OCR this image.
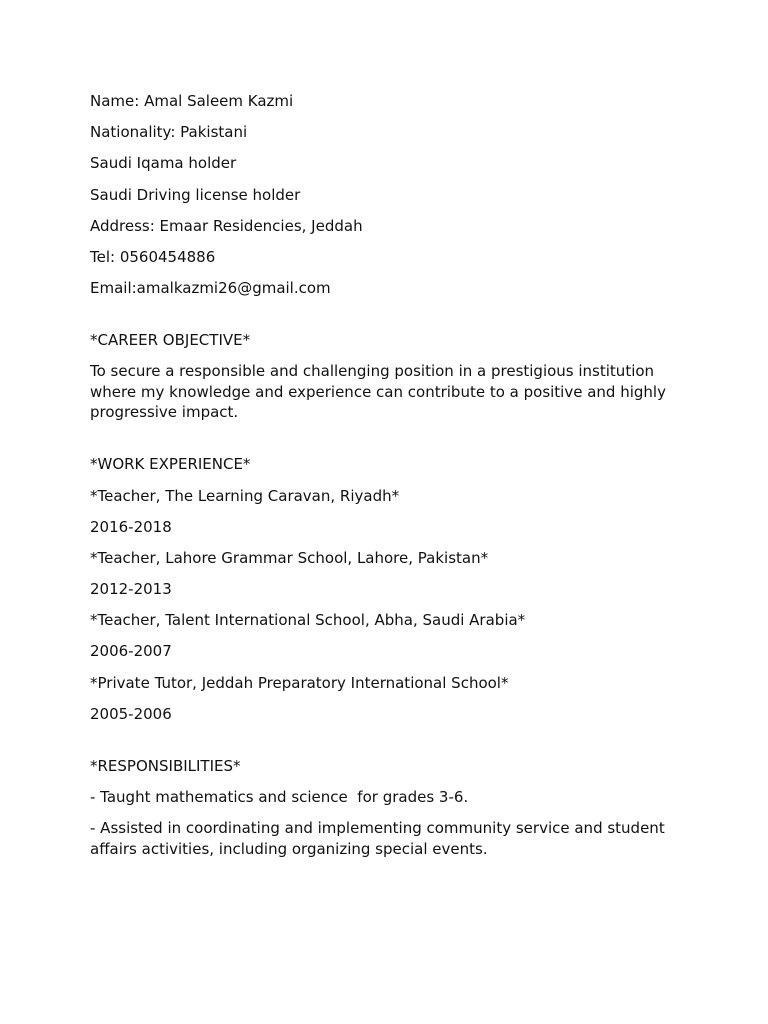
Name: Amal Saleem Kazmi

Nationality: Pakistani

Saudi Iqama holder

Saudi Driving license holder

Address: Emaar Residencies, Jeddah

Tel: 0560454886

Email:amalkazmi26@gmail.com

*CAREER OBJECTIVE*

To secure a responsible and challenging position in a prestigious institution where my knowledge and experience can contribute to a positive and highly progressive impact.

*WORK EXPERIENCE*

*Teacher, The Learning Caravan, Riyadh*

2016-2018

*Teacher, Lahore Grammar School, Lahore, Pakistan*

2012-2013

*Teacher, Talent International School, Abha, Saudi Arabia*

2006-2007

*Private Tutor, Jeddah Preparatory International School*

2005-2006

*RESPONSIBILITIES*

- Taught mathematics and science  for grades 3-6.

- Assisted in coordinating and implementing community service and student affairs activities, including organizing special events.
